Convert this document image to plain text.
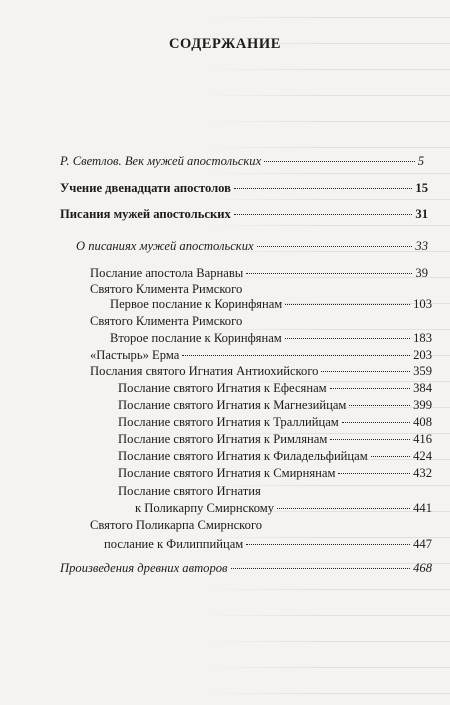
СОДЕРЖАНИЕ
Р. Светлов. Век мужей апостольских	5
Учение двенадцати апостолов	15
Писания мужей апостольских	31
О писаниях мужей апостольских	33
Послание апостола Варнавы	39
Святого Климента Римского
Первое послание к Коринфянам	103
Святого Климента Римского
Второе послание к Коринфянам	183
«Пастырь» Ерма	203
Послания святого Игнатия Антиохийского	359
Послание святого Игнатия к Ефесянам	384
Послание святого Игнатия к Магнезийцам	399
Послание святого Игнатия к Траллийцам	408
Послание святого Игнатия к Римлянам	416
Послание святого Игнатия к Филадельфийцам	424
Послание святого Игнатия к Смирнянам	432
Послание святого Игнатия
к Поликарпу Смирнскому	441
Святого Поликарпа Смирнского
послание к Филиппийцам	447
Произведения древних авторов	468
